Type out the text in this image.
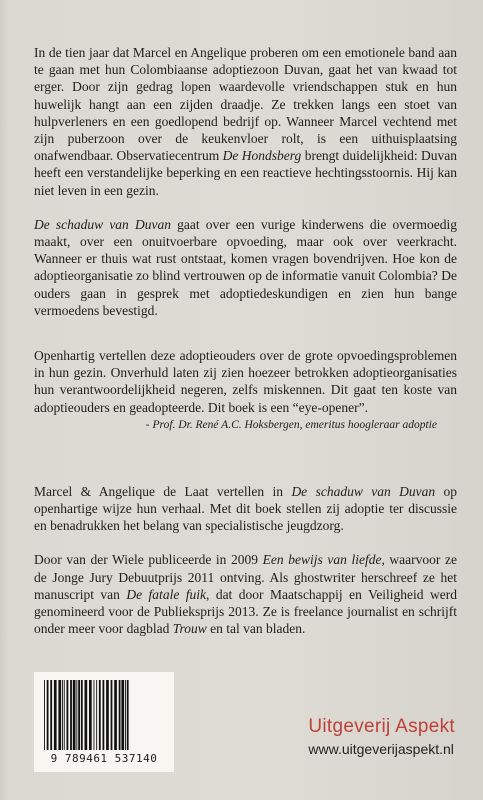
In de tien jaar dat Marcel en Angelique proberen om een emotionele band aan te gaan met hun Colombiaanse adoptiezoon Duvan, gaat het van kwaad tot erger. Door zijn gedrag lopen waardevolle vriendschappen stuk en hun huwelijk hangt aan een zijden draadje. Ze trekken langs een stoet van hulpverleners en een goedlopend bedrijf op. Wanneer Marcel vechtend met zijn puberzoon over de keukenvloer rolt, is een uithuisplaatsing onafwendbaar. Observatiecentrum De Hondsberg brengt duidelijkheid: Duvan heeft een verstandelijke beperking en een reactieve hechtingsstoornis. Hij kan niet leven in een gezin.

De schaduw van Duvan gaat over een vurige kinderwens die overmoedig maakt, over een onuitvoerbare opvoeding, maar ook over veerkracht. Wanneer er thuis wat rust ontstaat, komen vragen bovendrijven. Hoe kon de adoptieorganisatie zo blind vertrouwen op de informatie vanuit Colombia? De ouders gaan in gesprek met adoptiedeskundigen en zien hun bange vermoedens bevestigd.

Openhartig vertellen deze adoptieouders over de grote opvoedingsproblemen in hun gezin. Onverhuld laten zij zien hoezeer betrokken adoptieorganisaties hun verantwoordelijkheid negeren, zelfs miskennen. Dit gaat ten koste van adoptieouders en geadopteerde. Dit boek is een “eye-opener”.

- Prof. Dr. René A.C. Hoksbergen, emeritus hoogleraar adoptie

Marcel & Angelique de Laat vertellen in De schaduw van Duvan op openhartige wijze hun verhaal. Met dit boek stellen zij adoptie ter discussie en benadrukken het belang van specialistische jeugdzorg.

Door van der Wiele publiceerde in 2009 Een bewijs van liefde, waarvoor ze de Jonge Jury Debuutprijs 2011 ontving. Als ghostwriter herschreef ze het manuscript van De fatale fuik, dat door Maatschappij en Veiligheid werd genomineerd voor de Publieksprijs 2013. Ze is freelance journalist en schrijft onder meer voor dagblad Trouw en tal van bladen.

9 789461 537140
Uitgeverij Aspekt
www.uitgeverijaspekt.nl
